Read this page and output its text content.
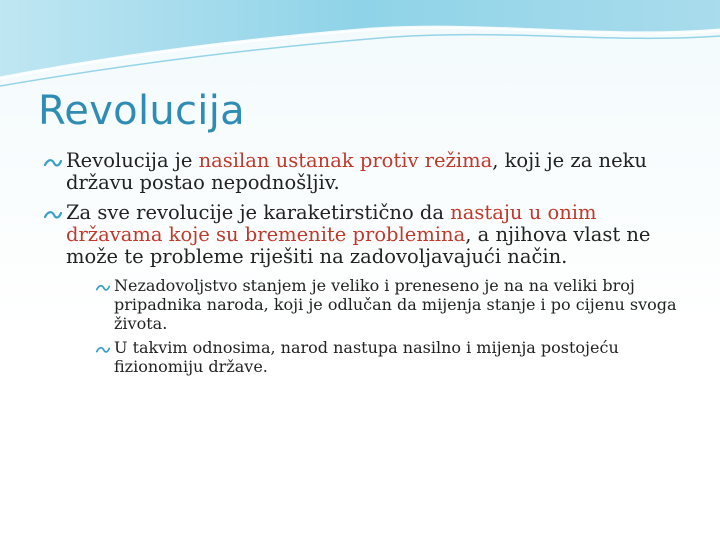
Revolucija

Revolucija je nasilan ustanak protiv režima, koji je za neku državu postao nepodnošljiv.

Za sve revolucije je karaketirstično da nastaju u onim državama koje su bremenite problemina, a njihova vlast ne može te probleme riješiti na zadovoljavajući način.

Nezadovoljstvo stanjem je veliko i preneseno je na na veliki broj pripadnika naroda, koji je odlučan da mijenja stanje i po cijenu svoga života.

U takvim odnosima, narod nastupa nasilno i mijenja postojeću fizionomiju države.
